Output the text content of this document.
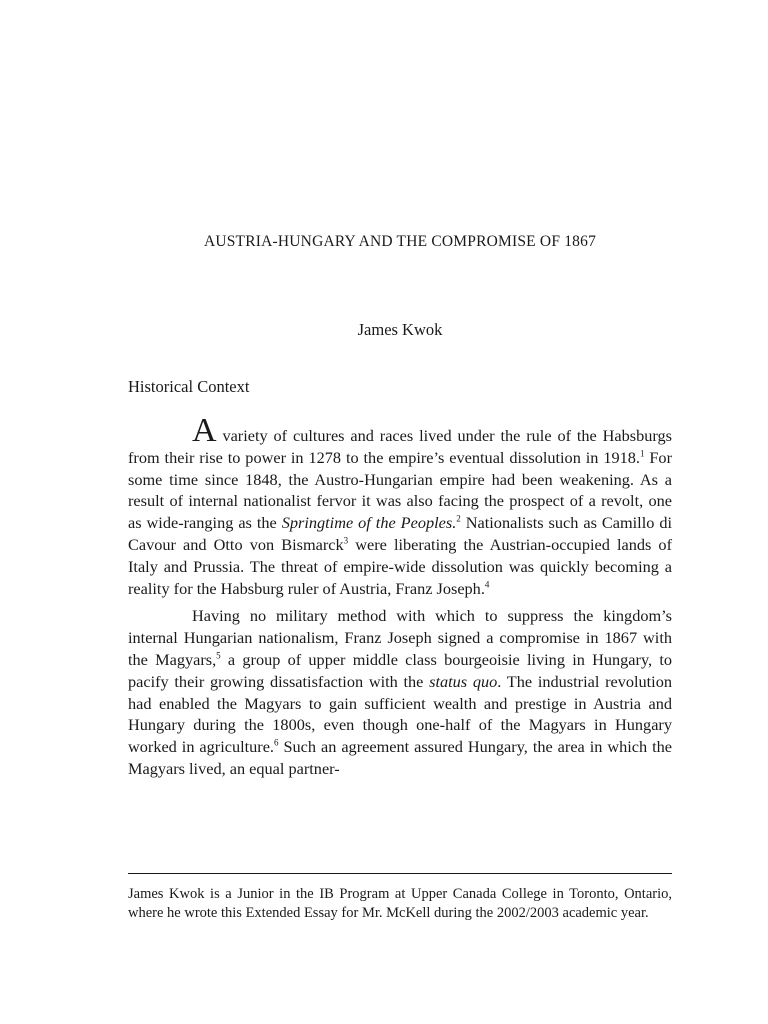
AUSTRIA-HUNGARY AND THE COMPROMISE OF 1867
James Kwok
Historical Context

A variety of cultures and races lived under the rule of the Habsburgs from their rise to power in 1278 to the empire’s eventual dissolution in 1918.$^1$ For some time since 1848, the Austro-Hungarian empire had been weakening. As a result of internal nationalist fervor it was also facing the prospect of a revolt, one as wide-ranging as the Springtime of the Peoples.$^2$ Nationalists such as Camillo di Cavour and Otto von Bismarck$^3$ were liberating the Austrian-occupied lands of Italy and Prussia. The threat of empire-wide dissolution was quickly becoming a reality for the Habsburg ruler of Austria, Franz Joseph.$^4$

Having no military method with which to suppress the kingdom’s internal Hungarian nationalism, Franz Joseph signed a compromise in 1867 with the Magyars,$^5$ a group of upper middle class bourgeoisie living in Hungary, to pacify their growing dissatisfaction with the status quo. The industrial revolution had enabled the Magyars to gain sufficient wealth and prestige in Austria and Hungary during the 1800s, even though one-half of the Magyars in Hungary worked in agriculture.$^6$ Such an agreement assured Hungary, the area in which the Magyars lived, an equal partner-

James Kwok is a Junior in the IB Program at Upper Canada College in Toronto, Ontario, where he wrote this Extended Essay for Mr. McKell during the 2002/2003 academic year.
